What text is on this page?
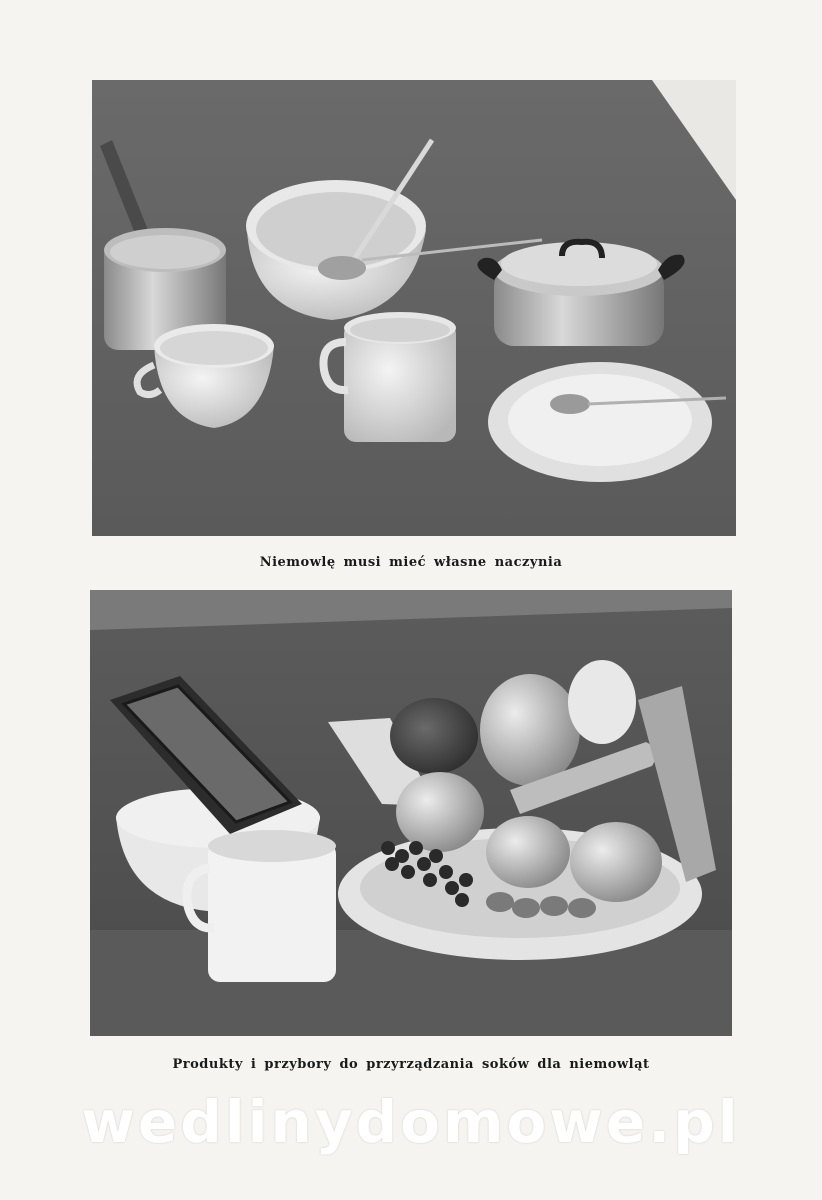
Niemowlę musi mieć własne naczynia
Produkty i przybory do przyrządzania soków dla niemowląt
wedlinydomowe.pl
